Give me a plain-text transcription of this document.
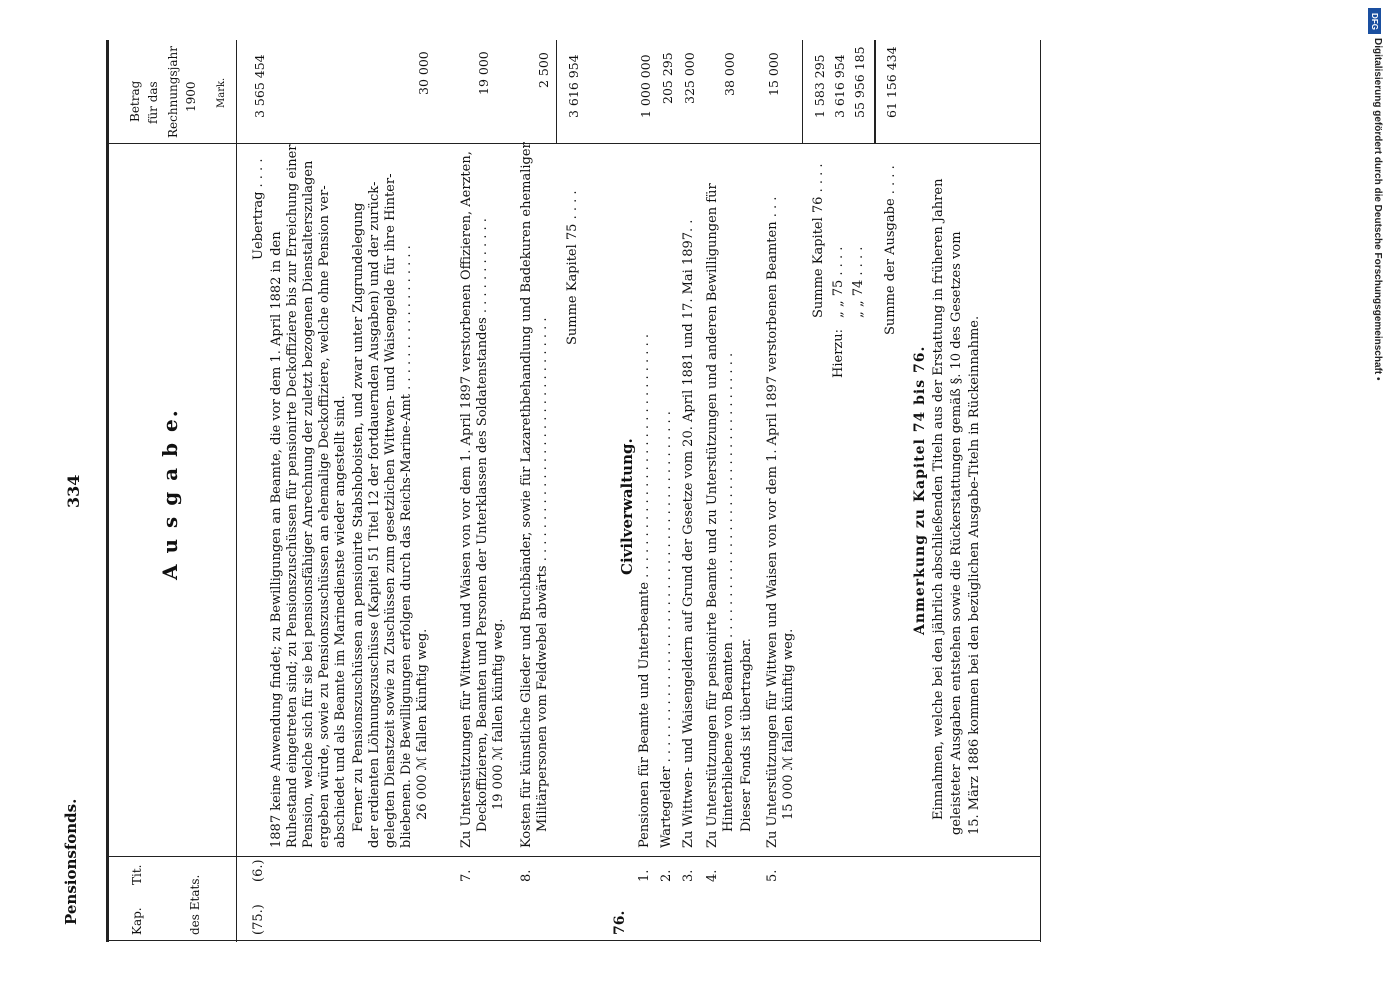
Pensionsfonds.
334
Kap.
Tit.	des Etats.
A u s g a b e.
Betrag für das Rechnungsjahr 1900 Mark.
(75.)
(6.)
Uebertrag . . . .
3 565 454
1887 keine Anwendung findet; zu Bewilligungen an Beamte, die vor dem 1. April 1882 in den Ruhestand eingetreten sind; zu Pensionszuschüssen für pensionirte Deckoffiziere bis zur Erreichung einer Pension, welche sich für sie bei pensionsfähiger Anrechnung der zuletzt bezogenen Dienstalterszulagen ergeben würde, sowie zu Pensionszuschüssen an ehemalige Deckoffiziere, welche ohne Pension ver- abschiedet und als Beamte im Marinedienste wieder angestellt sind. Ferner zu Pensionszuschüssen an pensionirte Stabshoboisten, und zwar unter Zugrundelegung der erdienten Löhnungszuschüsse (Kapitel 51 Titel 12 der fortdauernden Ausgaben) und der zurück- gelegten Dienstzeit sowie zu Zuschüssen zum gesetzlichen Wittwen- und Waisengelde für ihre Hinter- bliebenen. Die Bewilligungen erfolgen durch das Reichs-Marine-Amt . . . . . . . . . . . . . . . . . . 26 000 ℳ fallen künftig weg.
30 000
7.
Zu Unterstützungen für Wittwen und Waisen von vor dem 1. April 1897 verstorbenen Offizieren, Aerzten, Deckoffizieren, Beamten und Personen der Unterklassen des Soldatenstandes . . . . . . . . . . . . 19 000 ℳ fallen künftig weg.
19 000
8.
Kosten für künstliche Glieder und Bruchbänder, sowie für Lazarethbehandlung und Badekuren ehemaliger Militärpersonen vom Feldwebel abwärts . . . . . . . . . . . . . . . . . . . . . . . . . . . . . .
2 500
Summe Kapitel 75 . . . .
3 616 954
76.
Civilverwaltung.
1.
Pensionen für Beamte und Unterbeamte . . . . . . . . . . . . . . . . . . . . . . . . . . . . . .
1 000 000
2.
Wartegelder . . . . . . . . . . . . . . . . . . . . . . . . . . . . . . . . . . . . . . . . . . .
205 295
3.
Zu Wittwen- und Waisengeldern auf Grund der Gesetze vom 20. April 1881 und 17. Mai 1897. .
325 000
4.
Zu Unterstützungen für pensionirte Beamte und zu Unterstützungen und anderen Bewilligungen für Hinterbliebene von Beamten . . . . . . . . . . . . . . . . . . . . . . . . . . . . . . . . . . . Dieser Fonds ist übertragbar.
38 000
5.
Zu Unterstützungen für Wittwen und Waisen von vor dem 1. April 1897 verstorbenen Beamten . . . 15 000 ℳ fallen künftig weg.
15 000
Summe Kapitel 76 . . . .
1 583 295
Hierzu:
„ „ 75 . . . .
3 616 954
„ „ 74 . . . .
55 956 185
Summe der Ausgabe . . . .
61 156 434
Anmerkung zu Kapitel 74 bis 76. Einnahmen, welche bei den jährlich abschließenden Titeln aus der Erstattung in früheren Jahren geleisteter Ausgaben entstehen sowie die Rückerstattungen gemäß §. 10 des Gesetzes vom 15. März 1886 kommen bei den bezüglichen Ausgabe-Titeln in Rückeinnahme.
Digitalisierung gefördert durch die Deutsche Forschungsgemeinschaft •
DFG
